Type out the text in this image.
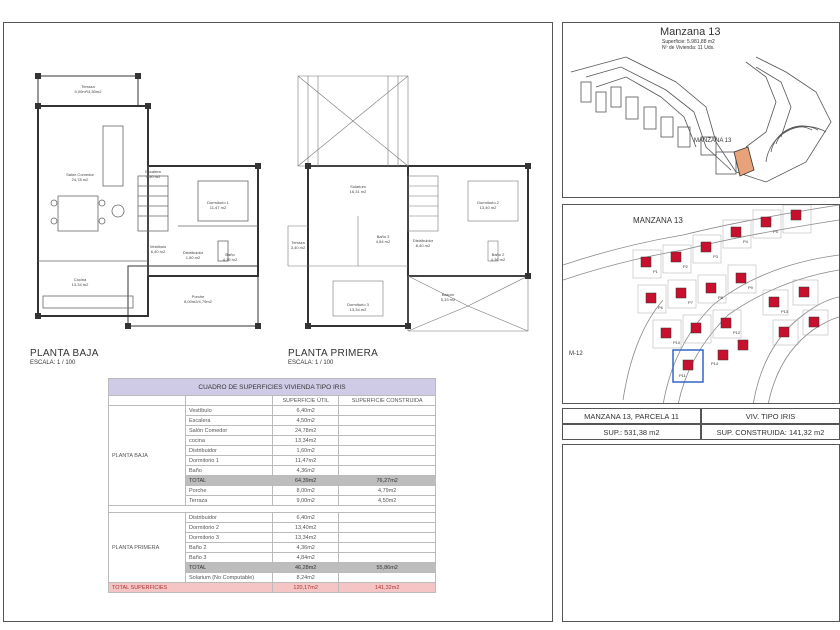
Terraza
9,00m²/4,50m2
Salón Comedor
24,78 m2
Cocina
13,34 m2
Escalera
4,50 m2
Dormitorio 1
11,47 m2
Vestíbulo
6,40 m2	Distribuidor
1,60 m2
Baño
4,36 m2
Porche
8,00m2/4,79m2
PLANTA BAJA
ESCALA: 1 / 100
Solarium
16,31 m2
Terraza
3,40 m2
Baño 3
4,84 m2	Distribuidor
6,40 m2
Dormitorio 2
13,40 m2
Dormitorio 3
13,34 m2
Baño 2
4,36 m2
Balcón
5,33 m2
PLANTA PRIMERA
ESCALA: 1 / 100
CUADRO DE SUPERFICIES VIVIENDA TIPO IRIS			
		SUPERFICIE ÚTIL	SUPERFICIE CONSTRUIDA
PLANTA BAJA	Vestíbulo	6,40m2	
	Escalera	4,50m2	
	Salón Comedor	24,78m2	
	cocina	13,34m2	
	Distribuidor	1,60m2	
	Dormitorio 1	11,47m2	
	Baño	4,36m2	
	TOTAL	64,39m2	76,27m2
	Porche	8,00m2	4,79m2
	Terraza	9,00m2	4,50m2

PLANTA PRIMERA	Distribuidor	6,40m2	
	Dormitorio 2	13,40m2	
	Dormitorio 3	13,34m2	
	Baño 2	4,36m2	
	Baño 3	4,84m2	
	TOTAL	46,28m2	55,86m2
	Solarium (No Computable)	8,24m2	
TOTAL SUPERFICIES		120,17m2	141,32m2
Manzana 13
Superficie: 5.981,88 m2
Nº de Vivienda: 11 Uds.
MANZANA 13
P1
P2
P3
P4
P5
P6
P7
P8
P9
P10
P11
P12
P13
P14
MANZANA 13
M-12
MANZANA 13, PARCELA 11	VIV. TIPO IRIS
SUP.: 531,38 m2	SUP. CONSTRUIDA: 141,32 m2
